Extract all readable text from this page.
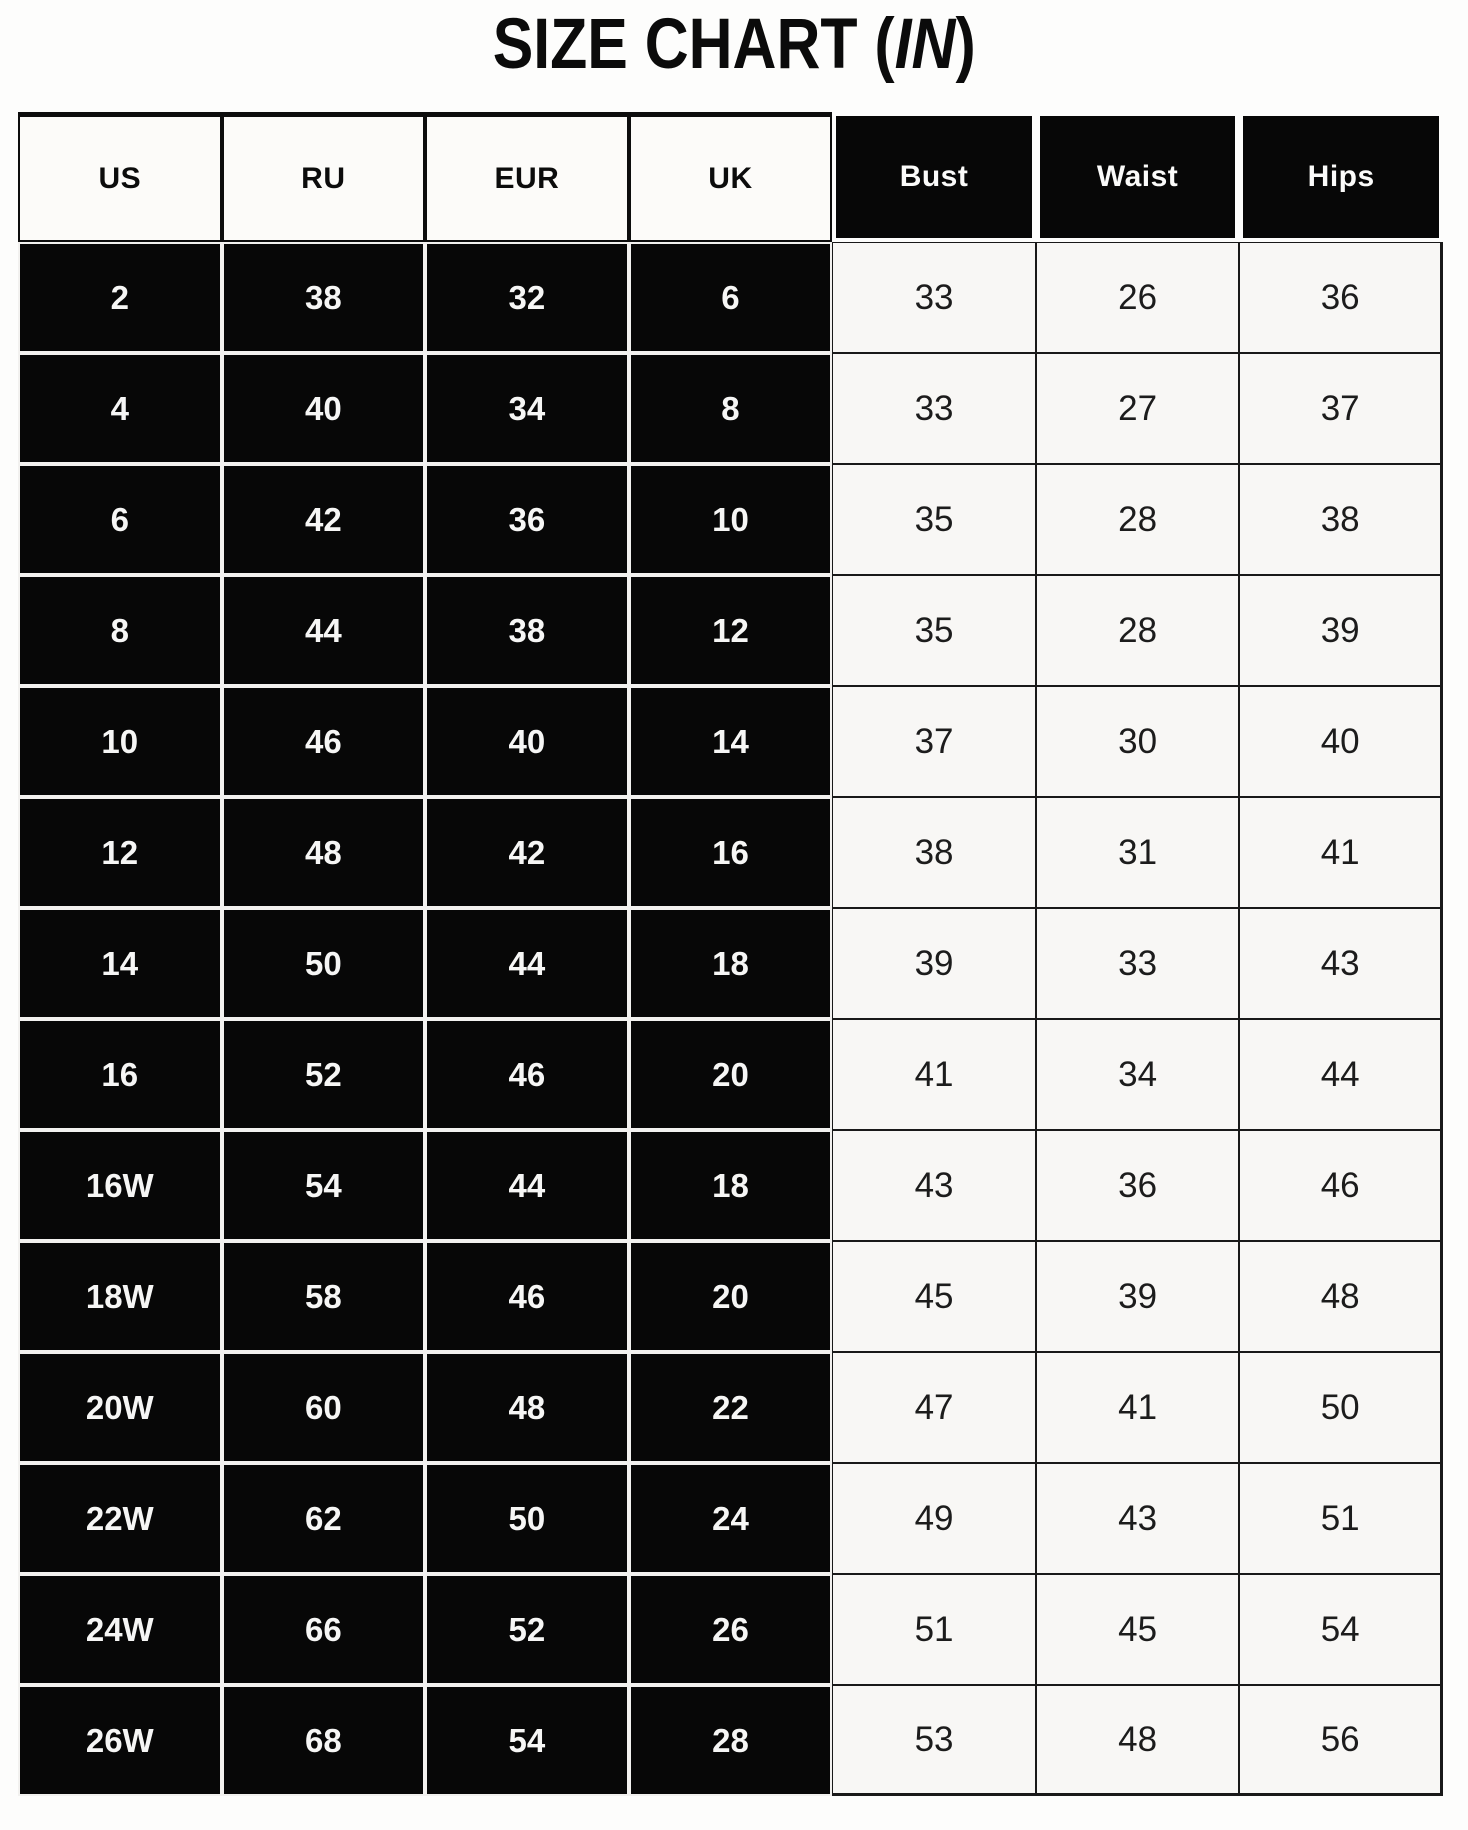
SIZE CHART (IN)
US	RU	EUR	UK	Bust	Waist	Hips
2	38	32	6	33	26	36
4	40	34	8	33	27	37
6	42	36	10	35	28	38
8	44	38	12	35	28	39
10	46	40	14	37	30	40
12	48	42	16	38	31	41
14	50	44	18	39	33	43
16	52	46	20	41	34	44
16W	54	44	18	43	36	46
18W	58	46	20	45	39	48
20W	60	48	22	47	41	50
22W	62	50	24	49	43	51
24W	66	52	26	51	45	54
26W	68	54	28	53	48	56
